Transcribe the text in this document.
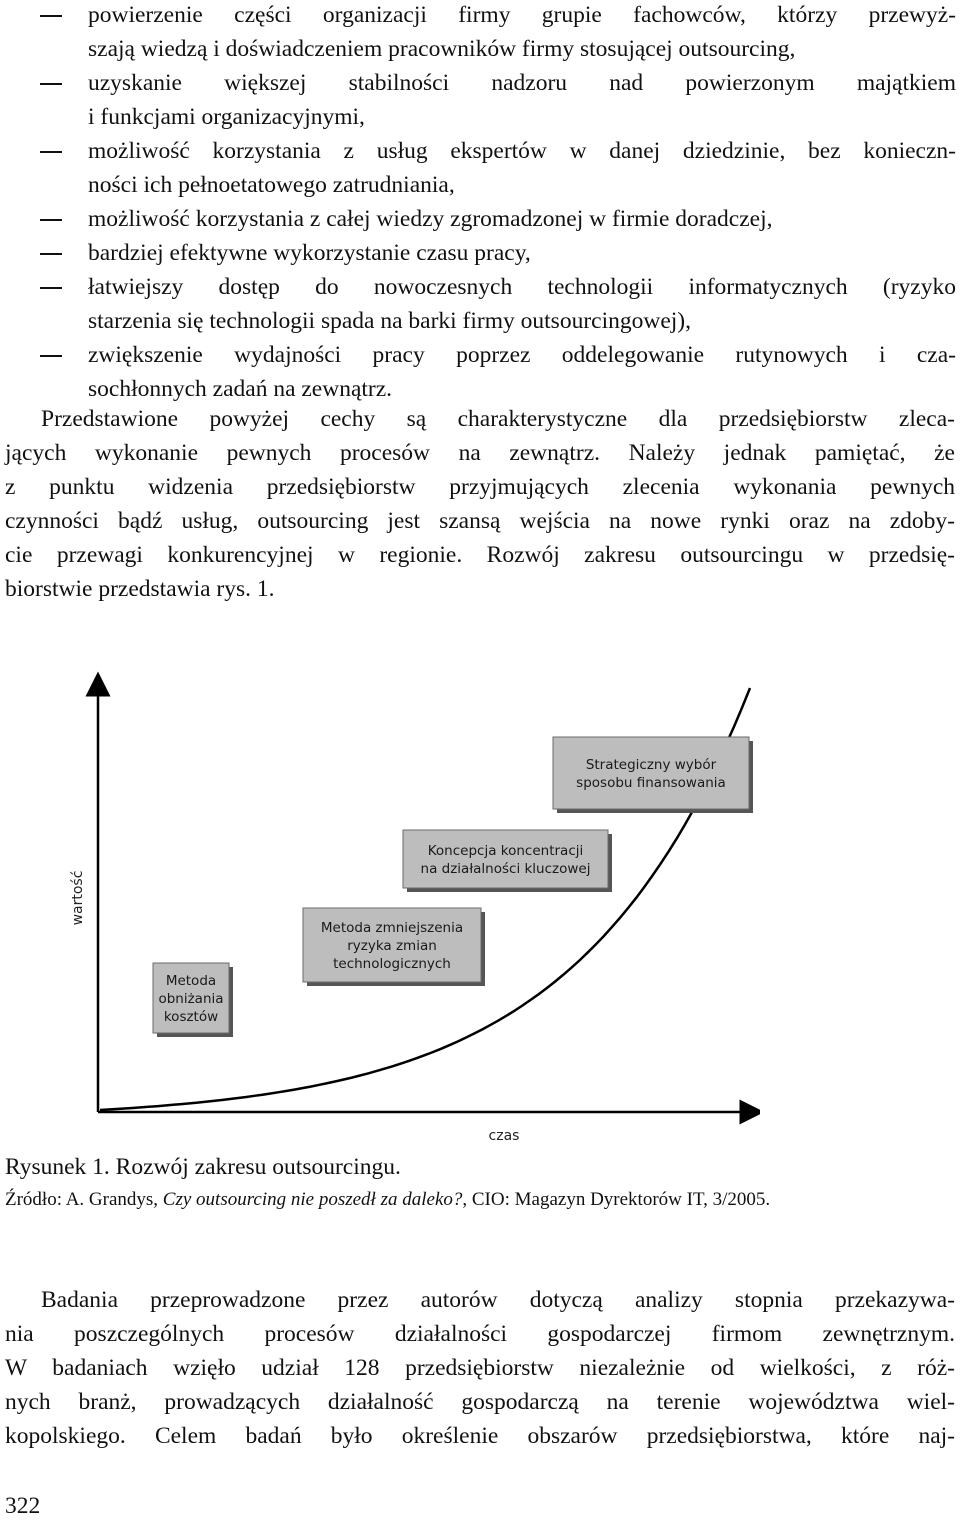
powierzenie części organizacji firmy grupie fachowców, którzy przewyż-
szają wiedzą i doświadczeniem pracowników firmy stosującej outsourcing,
uzyskanie większej stabilności nadzoru nad powierzonym majątkiem
i funkcjami organizacyjnymi,
możliwość korzystania z usług ekspertów w danej dziedzinie, bez konieczn-
ności ich pełnoetatowego zatrudniania,
możliwość korzystania z całej wiedzy zgromadzonej w firmie doradczej,
bardziej efektywne wykorzystanie czasu pracy,
łatwiejszy dostęp do nowoczesnych technologii informatycznych (ryzyko
starzenia się technologii spada na barki firmy outsourcingowej),
zwiększenie wydajności pracy poprzez oddelegowanie rutynowych i cza-
sochłonnych zadań na zewnątrz.
Przedstawione powyżej cechy są charakterystyczne dla przedsiębiorstw zleca-
jących wykonanie pewnych procesów na zewnątrz. Należy jednak pamiętać, że
z punktu widzenia przedsiębiorstw przyjmujących zlecenia wykonania pewnych
czynności bądź usług, outsourcing jest szansą wejścia na nowe rynki oraz na zdoby-
cie przewagi konkurencyjnej w regionie. Rozwój zakresu outsourcingu w przedsię-
biorstwie przedstawia rys. 1.
wartość
czas
Metoda
obniżania
kosztów
Metoda zmniejszenia
ryzyka zmian
technologicznych
Koncepcja koncentracji
na działalności kluczowej
Strategiczny wybór
sposobu finansowania
Rysunek 1. Rozwój zakresu outsourcingu.
Źródło: A. Grandys, Czy outsourcing nie poszedł za daleko?, CIO: Magazyn Dyrektorów IT, 3/2005.
Badania przeprowadzone przez autorów dotyczą analizy stopnia przekazywa-
nia poszczególnych procesów działalności gospodarczej firmom zewnętrznym.
W badaniach wzięło udział 128 przedsiębiorstw niezależnie od wielkości, z róż-
nych branż, prowadzących działalność gospodarczą na terenie województwa wiel-
kopolskiego. Celem badań było określenie obszarów przedsiębiorstwa, które naj-
322
